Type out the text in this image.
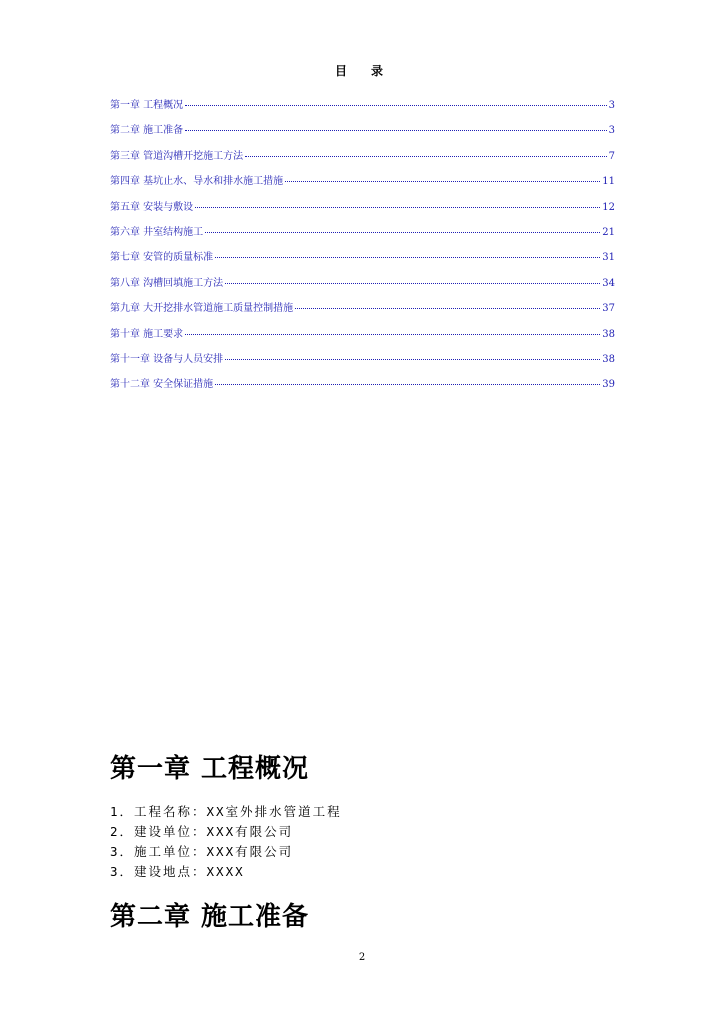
目　录
第一章 工程概况	3
第二章 施工准备	3
第三章 管道沟槽开挖施工方法	7
第四章 基坑止水、导水和排水施工措施	11
第五章 安装与敷设	12
第六章 井室结构施工	21
第七章 安管的质量标准	31
第八章 沟槽回填施工方法	34
第九章 大开挖排水管道施工质量控制措施	37
第十章 施工要求	38
第十一章 设备与人员安排	38
第十二章 安全保证措施	39
第一章 工程概况
1．工程名称：XX室外排水管道工程
2．建设单位：XXX有限公司
3．施工单位：XXX有限公司
3．建设地点：XXXX
第二章 施工准备
2
